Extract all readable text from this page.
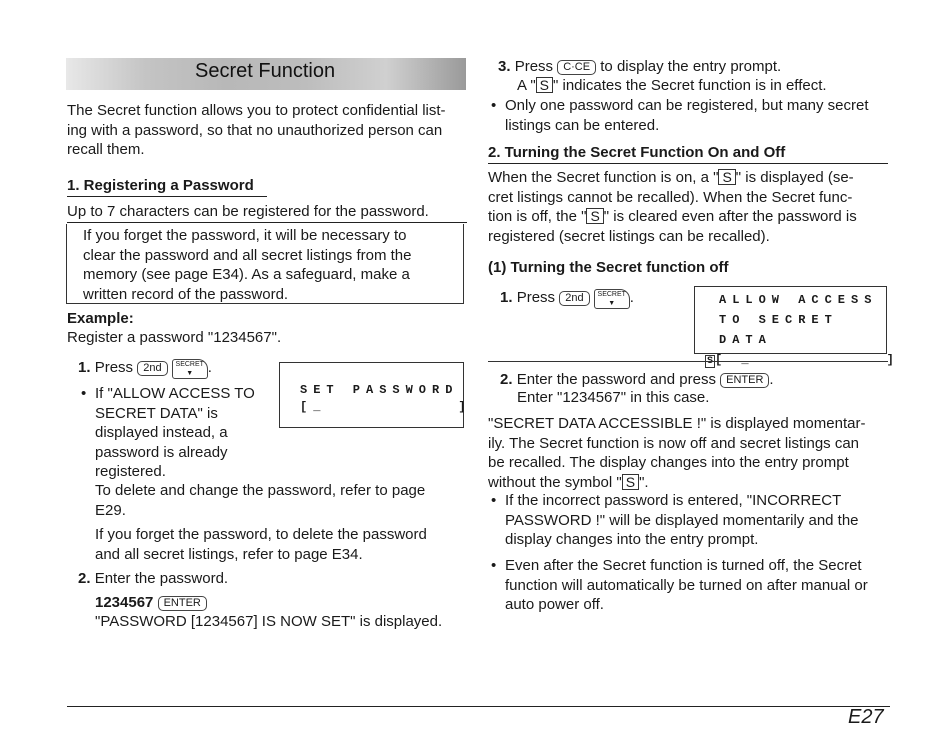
Secret Function
The Secret function allows you to protect confidential list-
ing with a password, so that no unauthorized person can
recall them.
1. Registering a Password
Up to 7 characters can be registered for the password.
If you forget the password, it will be necessary to
clear the password and all secret listings from the
memory (see page E34). As a safeguard, make a
written record of the password.
Example:
Register a password "1234567".
1. Press 2nd SECRET
▼ .
• If "ALLOW ACCESS TO
SECRET DATA" is
displayed instead, a
password is already
registered.
SET PASSWORD
[_          ]
To delete and change the password, refer to page
E29.
If you forget the password, to delete the password
and all secret listings, refer to page E34.
2. Enter the password.
1234567 ENTER
"PASSWORD [1234567] IS NOW SET" is displayed.
3. Press C·CE to display the entry prompt.
A " S " indicates the Secret function is in effect.
• Only one password can be registered, but many secret
listings can be entered.
2. Turning the Secret Function On and Off
When the Secret function is on, a " S " is displayed (se-
cret listings cannot be recalled). When the Secret func-
tion is off, the " S " is cleared even after the password is
registered (secret listings can be recalled).
(1) Turning the Secret function off
1. Press 2nd SECRET
▼ .	ALLOW ACCESS
TO SECRET DATA
S [ _          ]
2. Enter the password and press ENTER .
Enter "1234567" in this case.
"SECRET DATA ACCESSIBLE !" is displayed momentar-
ily. The Secret function is now off and secret listings can
be recalled. The display changes into the entry prompt
without the symbol " S ".
• If the incorrect password is entered, "INCORRECT
PASSWORD !" will be displayed momentarily and the
display changes into the entry prompt.
• Even after the Secret function is turned off, the Secret
function will automatically be turned on after manual or
auto power off.
E27
